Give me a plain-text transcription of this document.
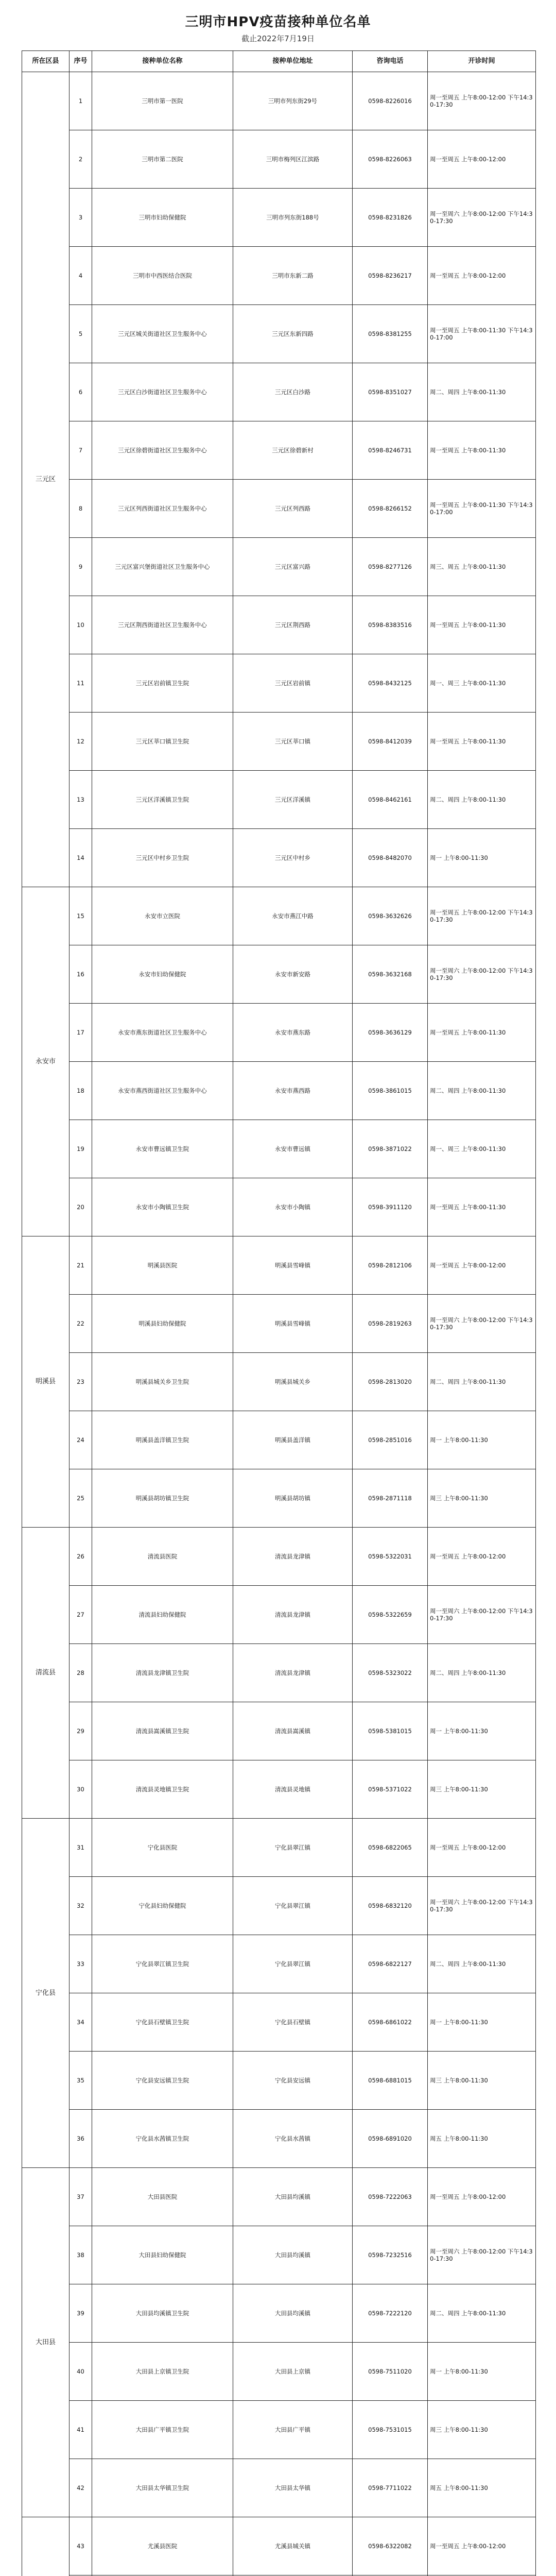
三明市HPV疫苗接种单位名单
截止2022年7月19日
所在区县	序号	接种单位名称	接种单位地址	咨询电话	开诊时间
三元区	1	三明市第一医院	三明市列东街29号	0598-8226016	周一至周五 上午8:00-12:00 下午14:30-17:30
	2	三明市第二医院	三明市梅列区江滨路	0598-8226063	周一至周五 上午8:00-12:00
	3	三明市妇幼保健院	三明市列东街188号	0598-8231826	周一至周六 上午8:00-12:00 下午14:30-17:30
	4	三明市中西医结合医院	三明市东新二路	0598-8236217	周一至周五 上午8:00-12:00
	5	三元区城关街道社区卫生服务中心	三元区东新四路	0598-8381255	周一至周五 上午8:00-11:30 下午14:30-17:00
	6	三元区白沙街道社区卫生服务中心	三元区白沙路	0598-8351027	周二、周四 上午8:00-11:30
	7	三元区徐碧街道社区卫生服务中心	三元区徐碧新村	0598-8246731	周一至周五 上午8:00-11:30
	8	三元区列西街道社区卫生服务中心	三元区列西路	0598-8266152	周一至周五 上午8:00-11:30 下午14:30-17:00
	9	三元区富兴堡街道社区卫生服务中心	三元区富兴路	0598-8277126	周三、周五 上午8:00-11:30
	10	三元区荆西街道社区卫生服务中心	三元区荆西路	0598-8383516	周一至周五 上午8:00-11:30
	11	三元区岩前镇卫生院	三元区岩前镇	0598-8432125	周一、周三 上午8:00-11:30
	12	三元区莘口镇卫生院	三元区莘口镇	0598-8412039	周一至周五 上午8:00-11:30
	13	三元区洋溪镇卫生院	三元区洋溪镇	0598-8462161	周二、周四 上午8:00-11:30
	14	三元区中村乡卫生院	三元区中村乡	0598-8482070	周一 上午8:00-11:30
永安市	15	永安市立医院	永安市燕江中路	0598-3632626	周一至周五 上午8:00-12:00 下午14:30-17:30
	16	永安市妇幼保健院	永安市新安路	0598-3632168	周一至周六 上午8:00-12:00 下午14:30-17:30
	17	永安市燕东街道社区卫生服务中心	永安市燕东路	0598-3636129	周一至周五 上午8:00-11:30
	18	永安市燕西街道社区卫生服务中心	永安市燕西路	0598-3861015	周二、周四 上午8:00-11:30
	19	永安市曹远镇卫生院	永安市曹远镇	0598-3871022	周一、周三 上午8:00-11:30
	20	永安市小陶镇卫生院	永安市小陶镇	0598-3911120	周一至周五 上午8:00-11:30
明溪县	21	明溪县医院	明溪县雪峰镇	0598-2812106	周一至周五 上午8:00-12:00
	22	明溪县妇幼保健院	明溪县雪峰镇	0598-2819263	周一至周六 上午8:00-12:00 下午14:30-17:30
	23	明溪县城关乡卫生院	明溪县城关乡	0598-2813020	周二、周四 上午8:00-11:30
	24	明溪县盖洋镇卫生院	明溪县盖洋镇	0598-2851016	周一 上午8:00-11:30
	25	明溪县胡坊镇卫生院	明溪县胡坊镇	0598-2871118	周三 上午8:00-11:30
清流县	26	清流县医院	清流县龙津镇	0598-5322031	周一至周五 上午8:00-12:00
	27	清流县妇幼保健院	清流县龙津镇	0598-5322659	周一至周六 上午8:00-12:00 下午14:30-17:30
	28	清流县龙津镇卫生院	清流县龙津镇	0598-5323022	周二、周四 上午8:00-11:30
	29	清流县嵩溪镇卫生院	清流县嵩溪镇	0598-5381015	周一 上午8:00-11:30
	30	清流县灵地镇卫生院	清流县灵地镇	0598-5371022	周三 上午8:00-11:30
宁化县	31	宁化县医院	宁化县翠江镇	0598-6822065	周一至周五 上午8:00-12:00
	32	宁化县妇幼保健院	宁化县翠江镇	0598-6832120	周一至周六 上午8:00-12:00 下午14:30-17:30
	33	宁化县翠江镇卫生院	宁化县翠江镇	0598-6822127	周二、周四 上午8:00-11:30
	34	宁化县石壁镇卫生院	宁化县石壁镇	0598-6861022	周一 上午8:00-11:30
	35	宁化县安远镇卫生院	宁化县安远镇	0598-6881015	周三 上午8:00-11:30
	36	宁化县水茜镇卫生院	宁化县水茜镇	0598-6891020	周五 上午8:00-11:30
大田县	37	大田县医院	大田县均溪镇	0598-7222063	周一至周五 上午8:00-12:00
	38	大田县妇幼保健院	大田县均溪镇	0598-7232516	周一至周六 上午8:00-12:00 下午14:30-17:30
	39	大田县均溪镇卫生院	大田县均溪镇	0598-7222120	周二、周四 上午8:00-11:30
	40	大田县上京镇卫生院	大田县上京镇	0598-7511020	周一 上午8:00-11:30
	41	大田县广平镇卫生院	大田县广平镇	0598-7531015	周三 上午8:00-11:30
	42	大田县太华镇卫生院	大田县太华镇	0598-7711022	周五 上午8:00-11:30
	43	尤溪县医院	尤溪县城关镇	0598-6322082	周一至周五 上午8:00-12:00
